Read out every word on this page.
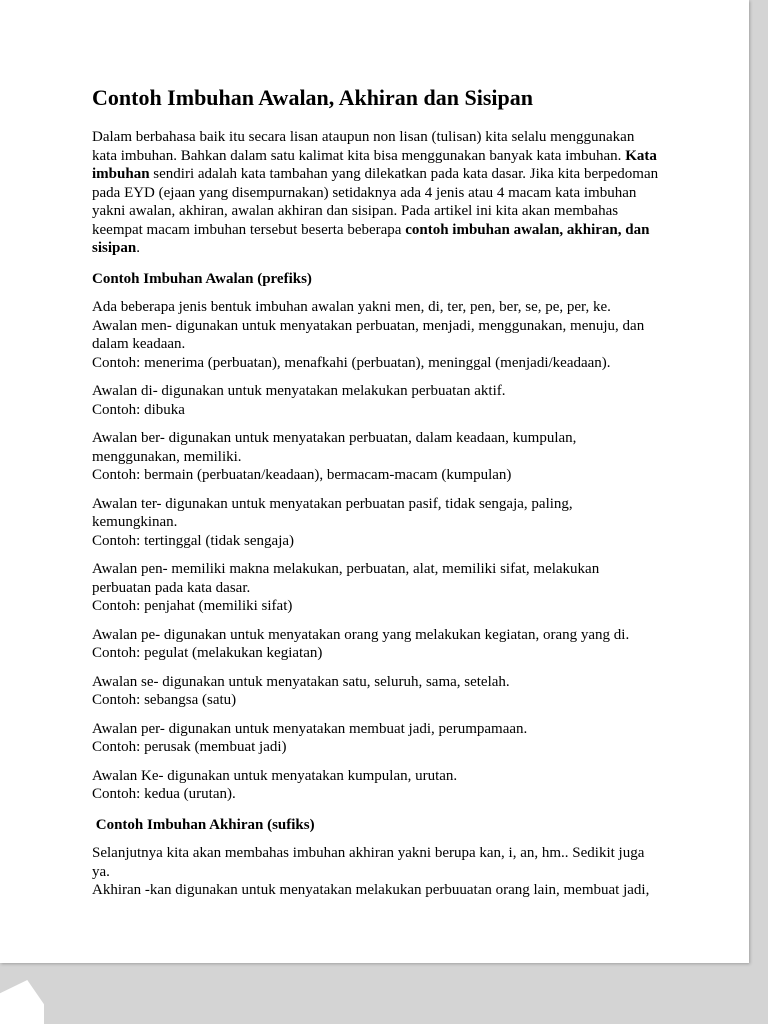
Contoh Imbuhan Awalan, Akhiran dan Sisipan

Dalam berbahasa baik itu secara lisan ataupun non lisan (tulisan) kita selalu menggunakan kata imbuhan. Bahkan dalam satu kalimat kita bisa menggunakan banyak kata imbuhan. Kata imbuhan sendiri adalah kata tambahan yang dilekatkan pada kata dasar. Jika kita berpedoman pada EYD (ejaan yang disempurnakan) setidaknya ada 4 jenis atau 4 macam kata imbuhan yakni awalan, akhiran, awalan akhiran dan sisipan. Pada artikel ini kita akan membahas keempat macam imbuhan tersebut beserta beberapa contoh imbuhan awalan, akhiran, dan sisipan.

Contoh Imbuhan Awalan (prefiks)
Ada beberapa jenis bentuk imbuhan awalan yakni men, di, ter, pen, ber, se, pe, per, ke.
Awalan men- digunakan untuk menyatakan perbuatan, menjadi, menggunakan, menuju, dan dalam keadaan.
Contoh: menerima (perbuatan), menafkahi (perbuatan), meninggal (menjadi/keadaan).
Awalan di- digunakan untuk menyatakan melakukan perbuatan aktif.
Contoh: dibuka
Awalan ber- digunakan untuk menyatakan perbuatan, dalam keadaan, kumpulan, menggunakan, memiliki.
Contoh: bermain (perbuatan/keadaan), bermacam-macam (kumpulan)
Awalan ter- digunakan untuk menyatakan perbuatan pasif, tidak sengaja, paling, kemungkinan.
Contoh: tertinggal (tidak sengaja)
Awalan pen- memiliki makna melakukan, perbuatan, alat, memiliki sifat, melakukan perbuatan pada kata dasar.
Contoh: penjahat (memiliki sifat)
Awalan pe- digunakan untuk menyatakan orang yang melakukan kegiatan, orang yang di.
Contoh: pegulat (melakukan kegiatan)
Awalan se- digunakan untuk menyatakan satu, seluruh, sama, setelah.
Contoh: sebangsa (satu)
Awalan per- digunakan untuk menyatakan membuat jadi, perumpamaan.
Contoh: perusak (membuat jadi)
Awalan Ke- digunakan untuk menyatakan kumpulan, urutan.
Contoh: kedua (urutan).
Contoh Imbuhan Akhiran (sufiks)
Selanjutnya kita akan membahas imbuhan akhiran yakni berupa kan, i, an, hm.. Sedikit juga ya.
Akhiran -kan digunakan untuk menyatakan melakukan perbuuatan orang lain, membuat jadi,
